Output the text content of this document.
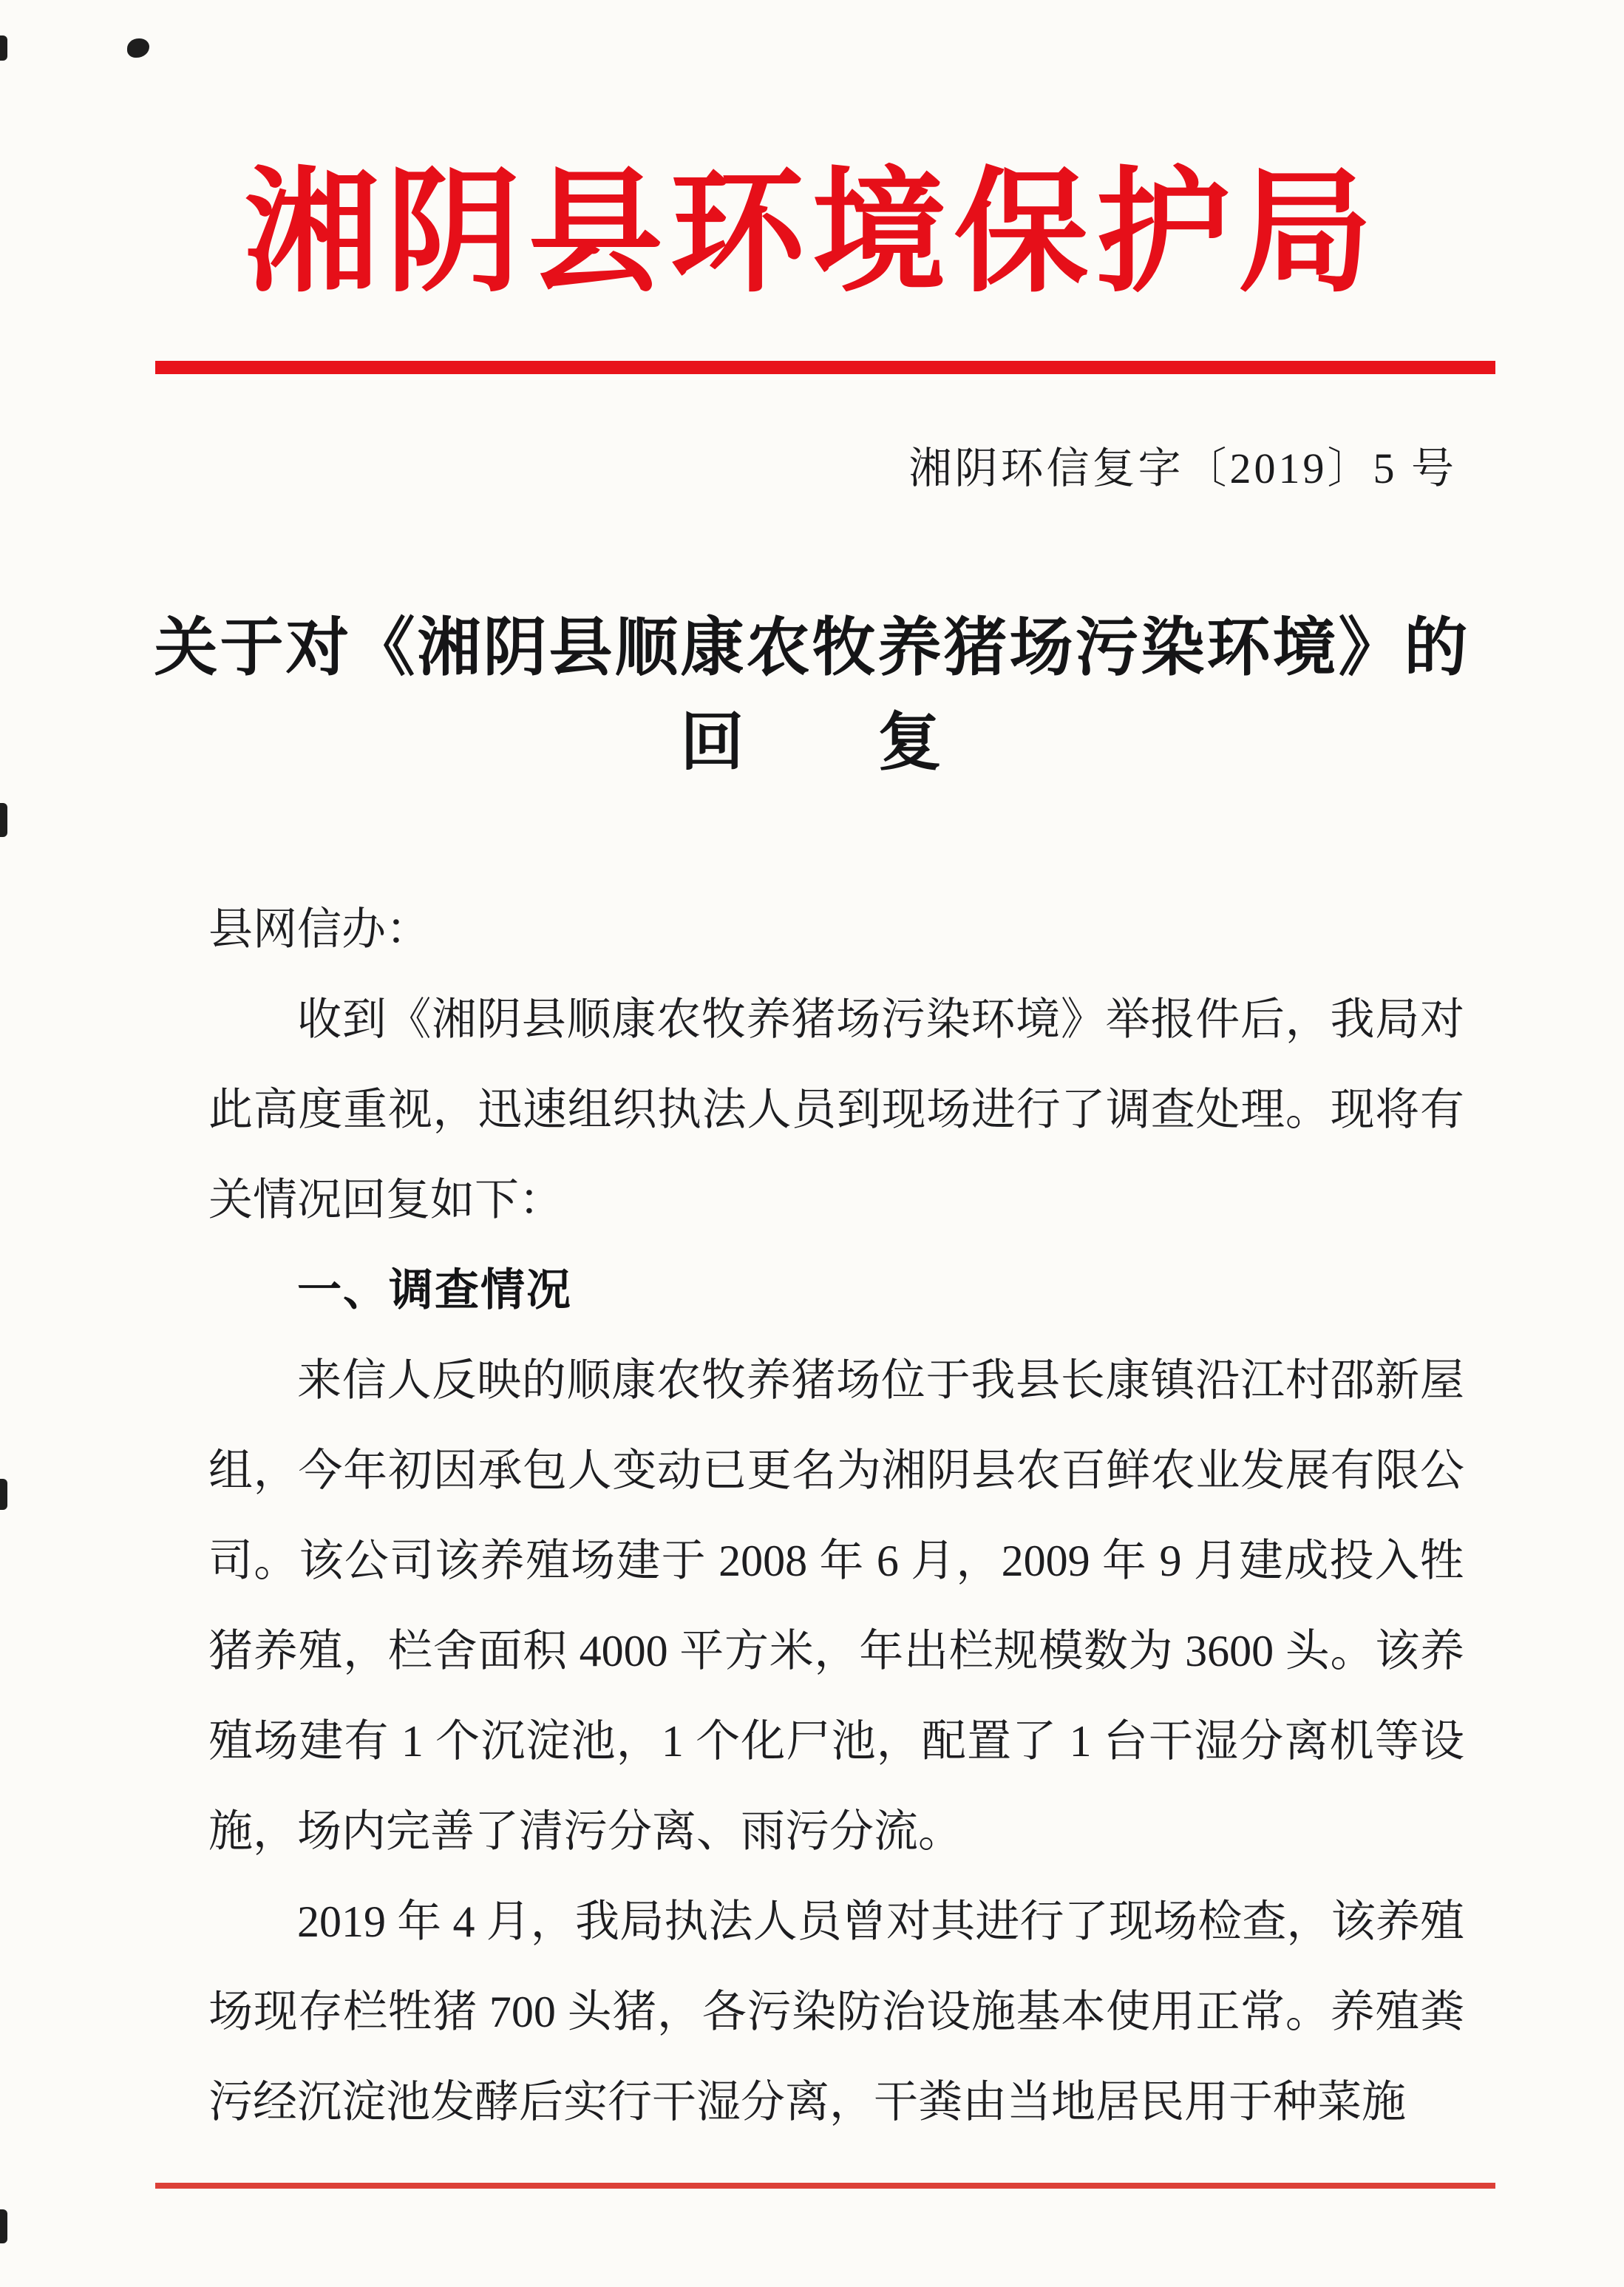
湘阴县环境保护局
湘阴环信复字〔2019〕5 号
关于对《湘阴县顺康农牧养猪场污染环境》的
回　　复

县网信办：

收到《湘阴县顺康农牧养猪场污染环境》举报件后，我局对此高度重视，迅速组织执法人员到现场进行了调查处理。现将有关情况回复如下：

一、调查情况

来信人反映的顺康农牧养猪场位于我县长康镇沿江村邵新屋组，今年初因承包人变动已更名为湘阴县农百鲜农业发展有限公司。该公司该养殖场建于 2008 年 6 月，2009 年 9 月建成投入牲猪养殖，栏舍面积 4000 平方米，年出栏规模数为 3600 头。该养殖场建有 1 个沉淀池，1 个化尸池，配置了 1 台干湿分离机等设施，场内完善了清污分离、雨污分流。

2019 年 4 月，我局执法人员曾对其进行了现场检查，该养殖场现存栏牲猪 700 头猪，各污染防治设施基本使用正常。养殖粪污经沉淀池发酵后实行干湿分离，干粪由当地居民用于种菜施
